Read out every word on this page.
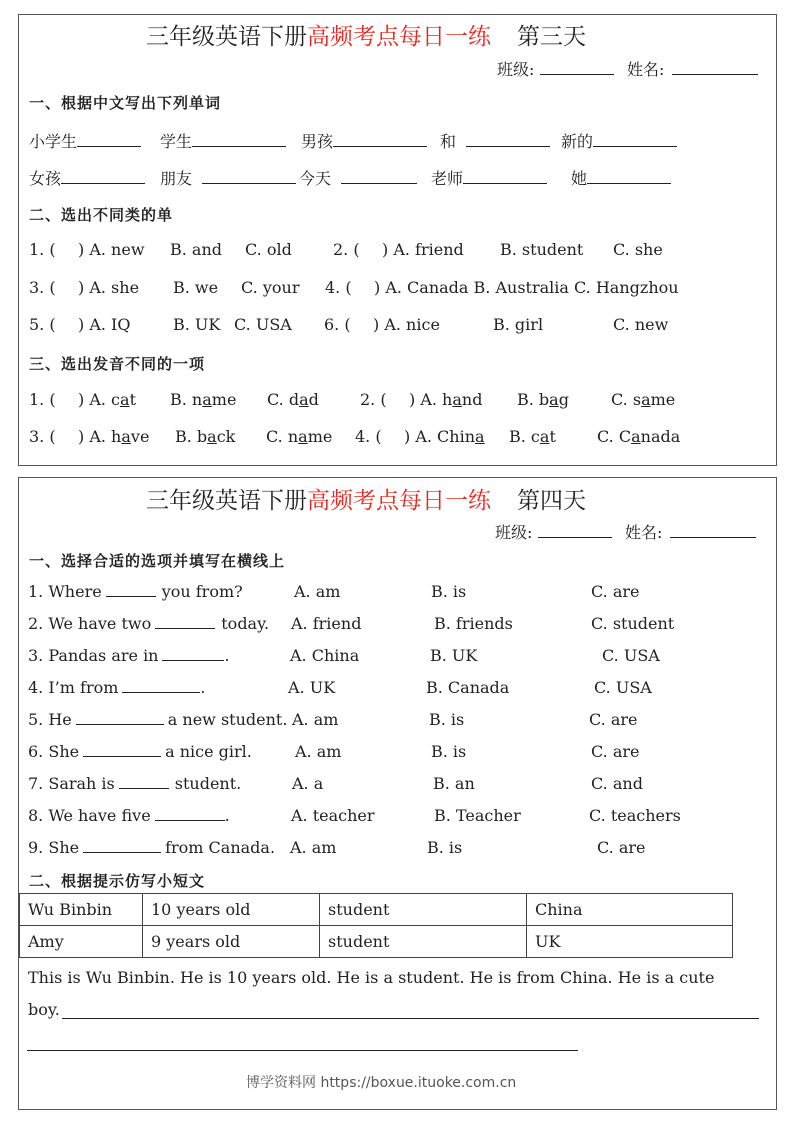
三年级英语下册高频考点每日一练 第三天
班级:	姓名:
一、根据中文写出下列单词
小学生	学生	男孩	和	新的
女孩	朋友	今天	老师	她
二、选出不同类的单
1. ( ) A. new B. and C. old	2. ( ) A. friend B. student C. she
3. ( ) A. she B. we C. your 4. ( ) A. Canada B. Australia C. Hangzhou
5. ( ) A. IQ	B. UK C. USA 6. ( ) A. nice	B. girl	C. new
三、选出发音不同的一项
1. ( ) A. cat B. name C. dad	2. ( ) A. hand B. bag	C. same
3. ( ) A. have B. back C. name 4. ( ) A. China B. cat	C. Canada
三年级英语下册高频考点每日一练 第四天
班级:	姓名:
一、选择合适的选项并填写在横线上
1. Where	you from?	A. am	B. is	C. are
2. We have two	today. A. friend	B. friends	C. student
3. Pandas are in	.	A. China	B. UK	C. USA
4. I’m from	.	A. UK	B. Canada	C. USA
5. He	a new student. A. am	B. is	C. are
6. She	a nice girl.	A. am	B. is	C. are
7. Sarah is	student.	A. a	B. an	C. and
8. We have five	.	A. teacher	B. Teacher	C. teachers
9. She	from Canada. A. am	B. is	C. are
二、根据提示仿写小短文
Wu Binbin	10 years old	student	China
Amy	9 years old	student	UK
This is Wu Binbin. He is 10 years old. He is a student. He is from China. He is a cute
boy.
博学资料网 https://boxue.ituoke.com.cn
